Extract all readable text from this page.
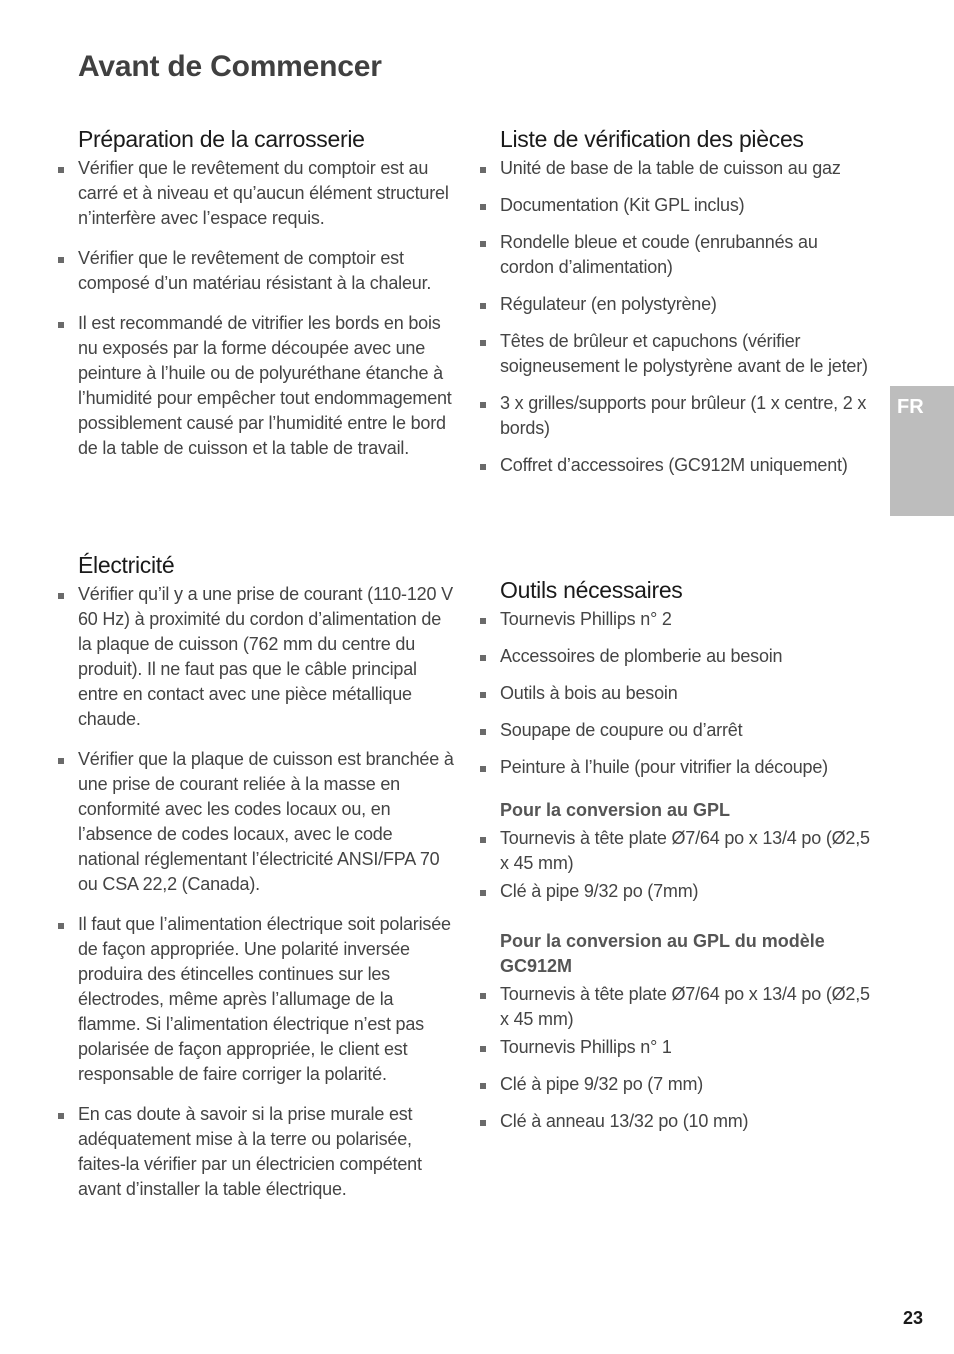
Avant de Commencer
Préparation de la carrosserie
Vérifier que le revêtement du comptoir est au carré et à niveau et qu’aucun élément structurel n’interfère avec l’espace requis.
Vérifier que le revêtement de comptoir est composé d’un matériau résistant à la chaleur.
Il est recommandé de vitrifier les bords en bois nu exposés par la forme découpée avec une peinture à l’huile ou de polyuréthane étanche à l’humidité pour empêcher tout endommagement possiblement causé par l’humidité entre le bord de la table de cuisson et la table de travail.
Électricité
Vérifier qu’il y a une prise de courant (110-120 V 60 Hz) à proximité du cordon d’alimentation de la plaque de cuisson (762 mm du centre du produit). Il ne faut pas que le câble principal entre en contact avec une pièce métallique chaude.
Vérifier que la plaque de cuisson est branchée à une prise de courant reliée à la masse en conformité avec les codes locaux ou, en l’absence de codes locaux, avec le code national réglementant l’électricité ANSI/FPA 70 ou CSA 22,2 (Canada).
Il faut que l’alimentation électrique soit polarisée de façon appropriée. Une polarité inversée produira des étincelles continues sur les électrodes, même après l’allumage de la flamme. Si l’alimentation électrique n’est pas polarisée de façon appropriée, le client est responsable de faire corriger la polarité.
En cas doute à savoir si la prise murale est adéquatement mise à la terre ou polarisée, faites-la vérifier par un électricien compétent avant d’installer la table électrique.
Liste de vérification des pièces
Unité de base de la table de cuisson au gaz
Documentation (Kit GPL inclus)
Rondelle bleue et coude (enrubannés au cordon d’alimentation)
Régulateur (en polystyrène)
Têtes de brûleur et capuchons (vérifier soigneusement le polystyrène avant de le jeter)
3 x grilles/supports pour brûleur (1 x centre, 2 x bords)
Coffret d’accessoires (GC912M uniquement)
Outils nécessaires
Tournevis Phillips n° 2
Accessoires de plomberie au besoin
Outils à bois au besoin
Soupape de coupure ou d’arrêt
Peinture à l’huile (pour vitrifier la découpe)
Pour la conversion au GPL
Tournevis à tête plate Ø7/64 po x 13/4 po (Ø2,5 x 45 mm)
Clé à pipe 9/32 po (7mm)
Pour la conversion au GPL du modèle GC912M
Tournevis à tête plate Ø7/64 po x 13/4 po (Ø2,5 x 45 mm)
Tournevis Phillips n° 1
Clé à pipe 9/32 po (7 mm)
Clé à anneau 13/32 po (10 mm)
FR
23
